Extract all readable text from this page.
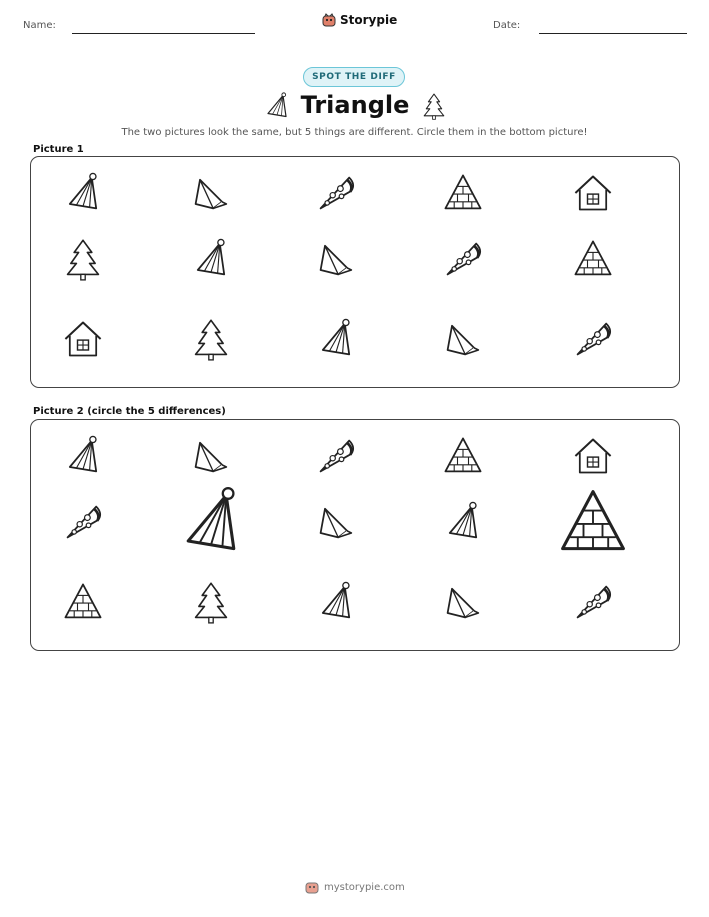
Name:	Storypie	Date:
SPOT THE DIFF
Triangle
The two pictures look the same, but 5 things are different. Circle them in the bottom picture!
Picture 1
Picture 2 (circle the 5 differences)
mystorypie.com
